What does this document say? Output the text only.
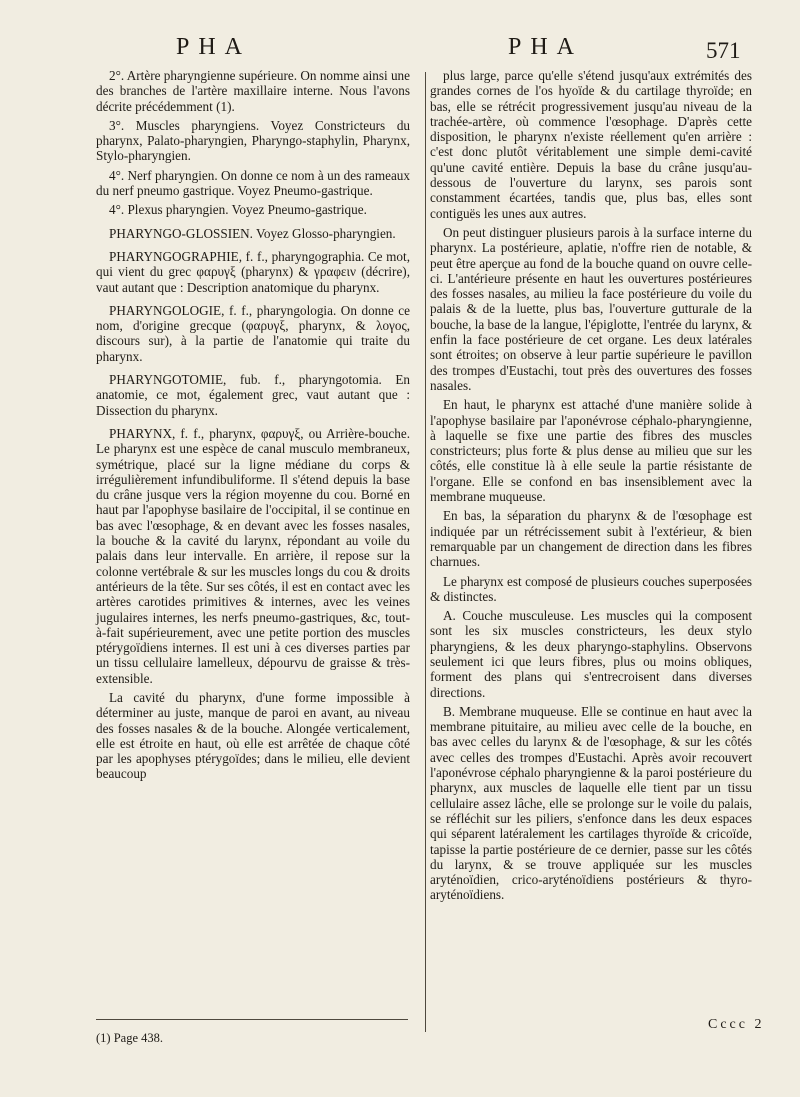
PHA	PHA	571

2°. Artère pharyngienne supérieure. On nomme ainsi une des branches de l'artère maxillaire interne. Nous l'avons décrite précédemment (1).

3°. Muscles pharyngiens. Voyez Constricteurs du pharynx, Palato-pharyngien, Pharyngo-staphylin, Pharynx, Stylo-pharyngien.

4°. Nerf pharyngien. On donne ce nom à un des rameaux du nerf pneumo gastrique. Voyez Pneumo-gastrique.

4°. Plexus pharyngien. Voyez Pneumo-gastrique.

PHARYNGO-GLOSSIEN. Voyez Glosso-pharyngien.

PHARYNGOGRAPHIE, f. f., pharyngographia. Ce mot, qui vient du grec φαρυγξ (pharynx) & γραφειν (décrire), vaut autant que : Description anatomique du pharynx.

PHARYNGOLOGIE, f. f., pharyngologia. On donne ce nom, d'origine grecque (φαρυγξ, pharynx, & λογος, discours sur), à la partie de l'anatomie qui traite du pharynx.

PHARYNGOTOMIE, fub. f., pharyngotomia. En anatomie, ce mot, également grec, vaut autant que : Dissection du pharynx.

PHARYNX, f. f., pharynx, φαρυγξ, ou Arrière-bouche. Le pharynx est une espèce de canal musculo membraneux, symétrique, placé sur la ligne médiane du corps & irrégulièrement infundibuliforme. Il s'étend depuis la base du crâne jusque vers la région moyenne du cou. Borné en haut par l'apophyse basilaire de l'occipital, il se continue en bas avec l'œsophage, & en devant avec les fosses nasales, la bouche & la cavité du larynx, répondant au voile du palais dans leur intervalle. En arrière, il repose sur la colonne vertébrale & sur les muscles longs du cou & droits antérieurs de la tête. Sur ses côtés, il est en contact avec les artères carotides primitives & internes, avec les veines jugulaires internes, les nerfs pneumo-gastriques, &c, tout-à-fait supérieurement, avec une petite portion des muscles ptérygoïdiens internes. Il est uni à ces diverses parties par un tissu cellulaire lamelleux, dépourvu de graisse & très-extensible.

La cavité du pharynx, d'une forme impossible à déterminer au juste, manque de paroi en avant, au niveau des fosses nasales & de la bouche. Alongée verticalement, elle est étroite en haut, où elle est arrêtée de chaque côté par les apophyses ptérygoïdes; dans le milieu, elle devient beaucoup

plus large, parce qu'elle s'étend jusqu'aux extrémités des grandes cornes de l'os hyoïde & du cartilage thyroïde; en bas, elle se rétrécit progressivement jusqu'au niveau de la trachée-artère, où commence l'œsophage. D'après cette disposition, le pharynx n'existe réellement qu'en arrière : c'est donc plutôt véritablement une simple demi-cavité qu'une cavité entière. Depuis la base du crâne jusqu'au-dessous de l'ouverture du larynx, ses parois sont constamment écartées, tandis que, plus bas, elles sont contiguës les unes aux autres.

On peut distinguer plusieurs parois à la surface interne du pharynx. La postérieure, aplatie, n'offre rien de notable, & peut être aperçue au fond de la bouche quand on ouvre celle-ci. L'antérieure présente en haut les ouvertures postérieures des fosses nasales, au milieu la face postérieure du voile du palais & de la luette, plus bas, l'ouverture gutturale de la bouche, la base de la langue, l'épiglotte, l'entrée du larynx, & enfin la face postérieure de cet organe. Les deux latérales sont étroites; on observe à leur partie supérieure le pavillon des trompes d'Eustachi, tout près des ouvertures des fosses nasales.

En haut, le pharynx est attaché d'une manière solide à l'apophyse basilaire par l'aponévrose céphalo-pharyngienne, à laquelle se fixe une partie des fibres des muscles constricteurs; plus forte & plus dense au milieu que sur les côtés, elle constitue là à elle seule la partie résistante de l'organe. Elle se confond en bas insensiblement avec la membrane muqueuse.

En bas, la séparation du pharynx & de l'œsophage est indiquée par un rétrécissement subit à l'extérieur, & bien remarquable par un changement de direction dans les fibres charnues.

Le pharynx est composé de plusieurs couches superposées & distinctes.

A. Couche musculeuse. Les muscles qui la composent sont les six muscles constricteurs, les deux stylo pharyngiens, & les deux pharyngo-staphylins. Observons seulement ici que leurs fibres, plus ou moins obliques, forment des plans qui s'entrecroisent dans diverses directions.

B. Membrane muqueuse. Elle se continue en haut avec la membrane pituitaire, au milieu avec celle de la bouche, en bas avec celles du larynx & de l'œsophage, & sur les côtés avec celles des trompes d'Eustachi. Après avoir recouvert l'aponévrose céphalo pharyngienne & la paroi postérieure du pharynx, aux muscles de laquelle elle tient par un tissu cellulaire assez lâche, elle se prolonge sur le voile du palais, se réfléchit sur les piliers, s'enfonce dans les deux espaces qui séparent latéralement les cartilages thyroïde & cricoïde, tapisse la partie postérieure de ce dernier, passe sur les côtés du larynx, & se trouve appliquée sur les muscles aryténoïdien, crico-aryténoïdiens postérieurs & thyro-aryténoïdiens.

(1) Page 438.
Cccc 2
